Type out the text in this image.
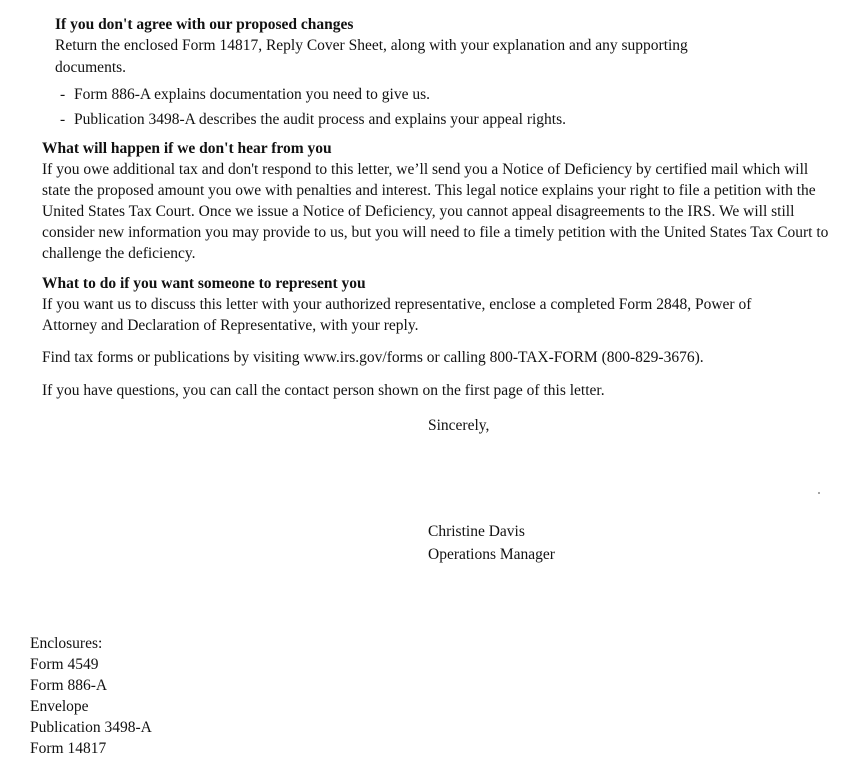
If you don't agree with our proposed changes
Return the enclosed Form 14817, Reply Cover Sheet, along with your explanation and any supporting documents.
- Form 886-A explains documentation you need to give us.
- Publication 3498-A describes the audit process and explains your appeal rights.
What will happen if we don't hear from you
If you owe additional tax and don't respond to this letter, we’ll send you a Notice of Deficiency by certified mail which will state the proposed amount you owe with penalties and interest. This legal notice explains your right to file a petition with the United States Tax Court. Once we issue a Notice of Deficiency, you cannot appeal disagreements to the IRS. We will still consider new information you may provide to us, but you will need to file a timely petition with the United States Tax Court to challenge the deficiency.
What to do if you want someone to represent you
If you want us to discuss this letter with your authorized representative, enclose a completed Form 2848, Power of Attorney and Declaration of Representative, with your reply.
Find tax forms or publications by visiting www.irs.gov/forms or calling 800-TAX-FORM (800-829-3676).
If you have questions, you can call the contact person shown on the first page of this letter.
Sincerely,
Christine Davis
Operations Manager
Enclosures:
Form 4549
Form 886-A
Envelope
Publication 3498-A
Form 14817
